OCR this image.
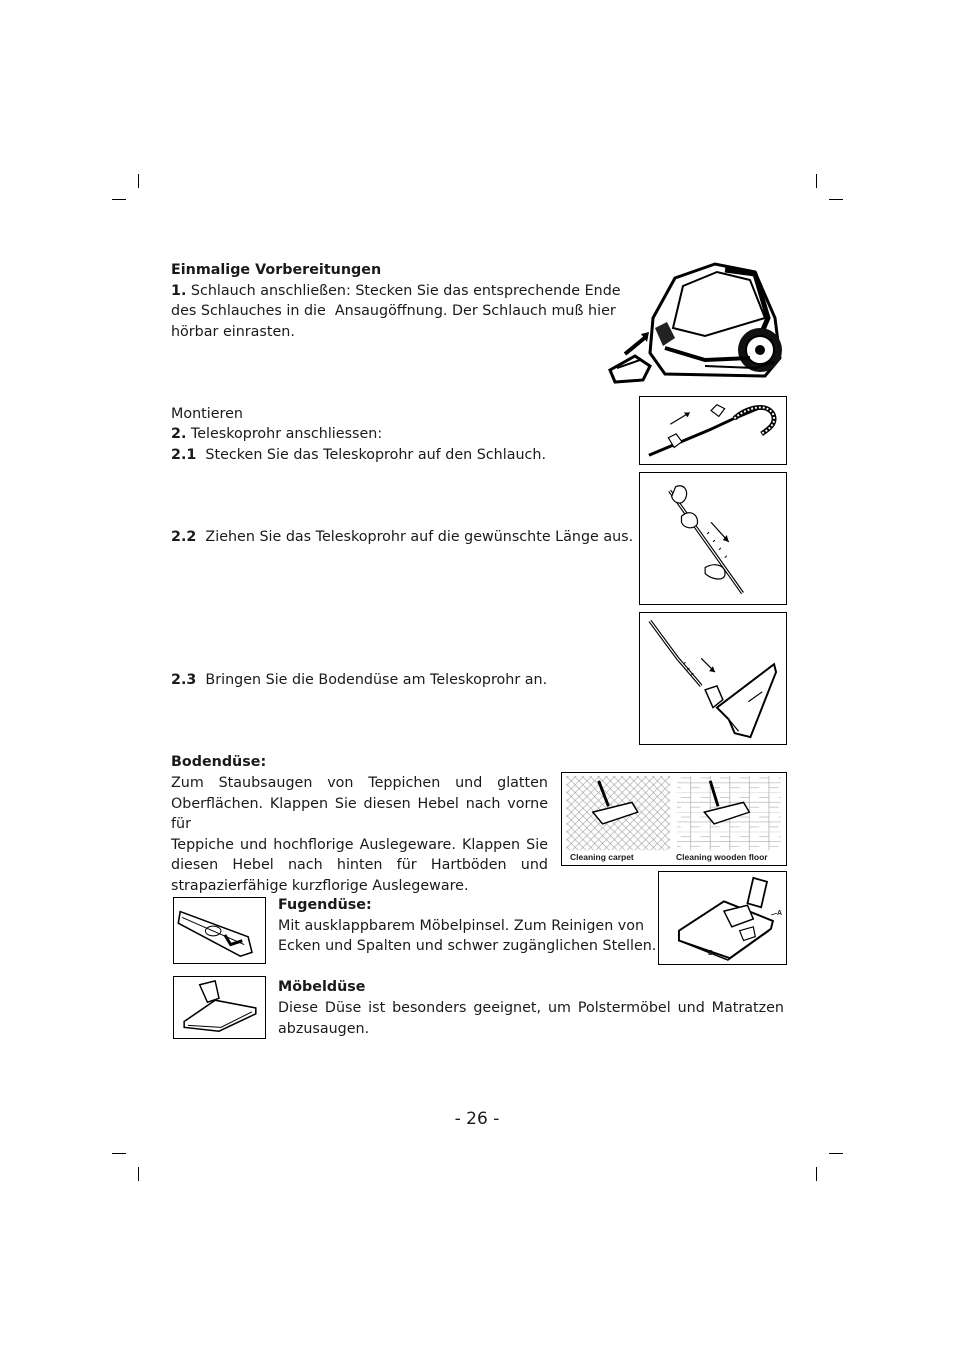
Einmalige Vorbereitungen

1. Schlauch anschließen: Stecken Sie das entsprechende Ende

des Schlauches in die  Ansaugöffnung. Der Schlauch muß hier

hörbar einrasten.

Montieren

2. Teleskoprohr anschliessen:

2.1 Stecken Sie das Teleskoprohr auf den Schlauch.

2.2 Ziehen Sie das Teleskoprohr auf die gewünschte Länge aus.

2.3 Bringen Sie die Bodendüse am Teleskoprohr an.

Bodendüse:

Zum Staubsaugen von Teppichen und glatten

Oberflächen. Klappen Sie diesen Hebel nach vorne für

Teppiche und hochflorige Auslegeware. Klappen Sie

diesen Hebel nach hinten für Hartböden und

strapazierfähige kurzflorige Auslegeware.

Cleaning carpet	Cleaning wooden floor
A
B

Fugendüse:

Mit ausklappbarem Möbelpinsel. Zum Reinigen von

Ecken und Spalten und schwer zugänglichen Stellen.

Möbeldüse

Diese Düse ist besonders geeignet, um Polstermöbel und Matratzen

abzusaugen.

- 26 -
